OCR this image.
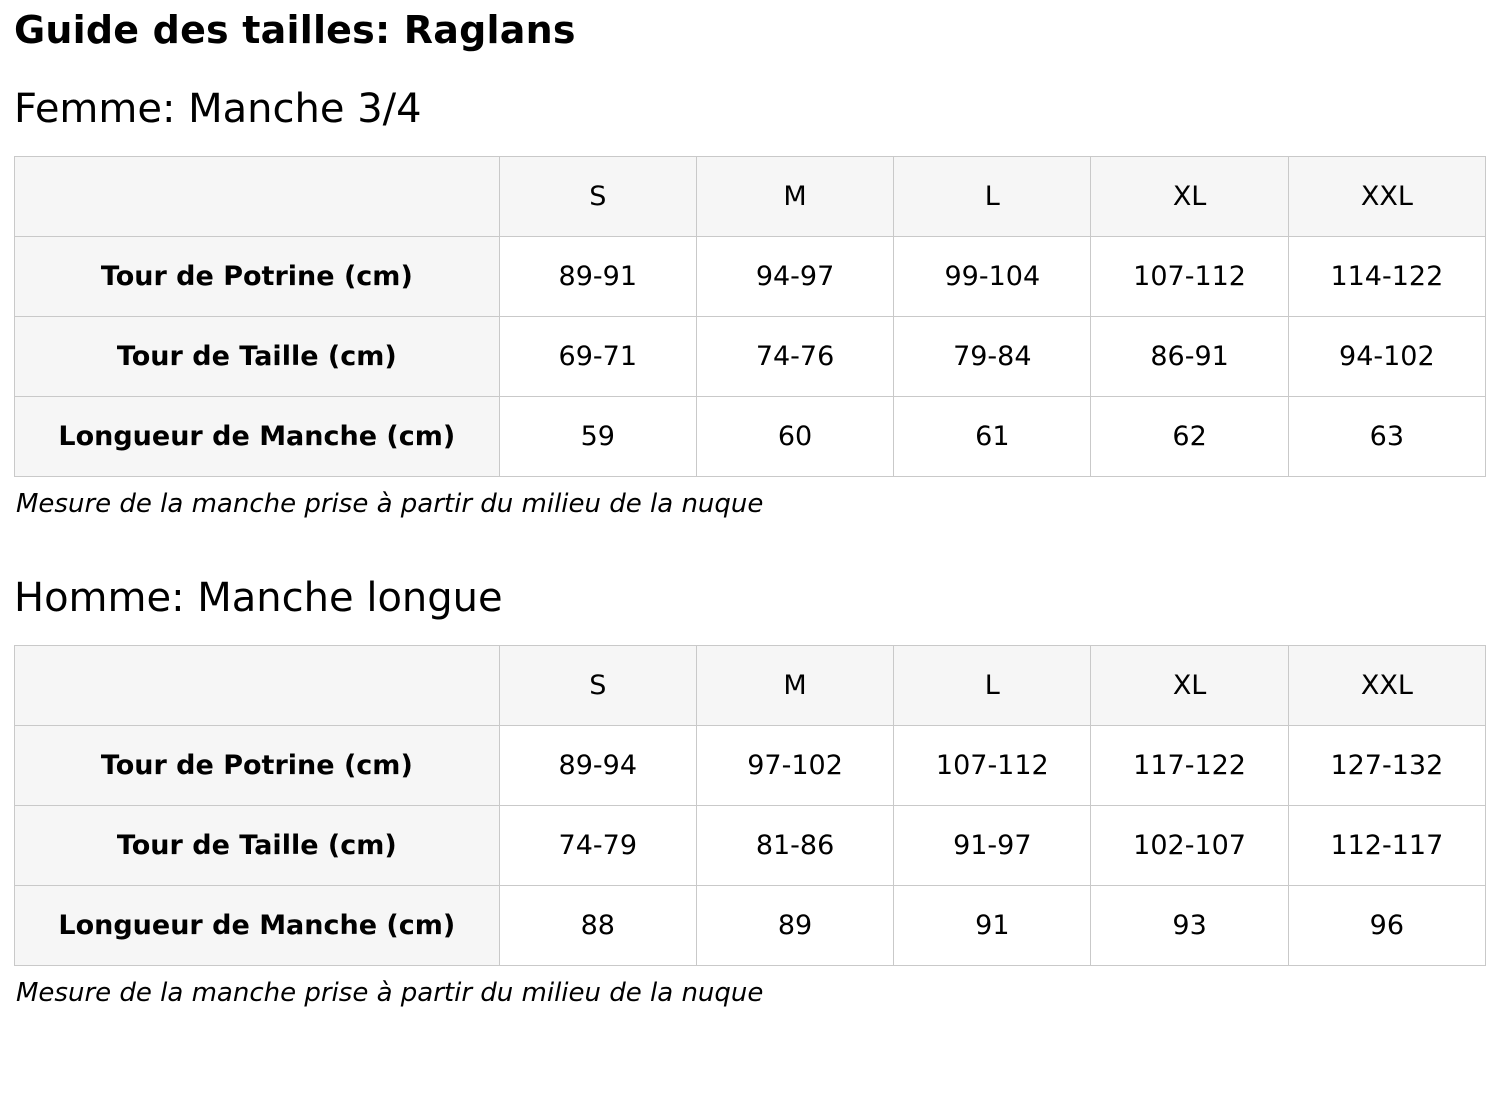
Guide des tailles: Raglans
Femme: Manche 3/4
	S	M	L	XL	XXL
Tour de Potrine (cm)	89-91	94-97	99-104	107-112	114-122
Tour de Taille (cm)	69-71	74-76	79-84	86-91	94-102
Longueur de Manche (cm)	59	60	61	62	63

Mesure de la manche prise à partir du milieu de la nuque

Homme: Manche longue
	S	M	L	XL	XXL
Tour de Potrine (cm)	89-94	97-102	107-112	117-122	127-132
Tour de Taille (cm)	74-79	81-86	91-97	102-107	112-117
Longueur de Manche (cm)	88	89	91	93	96

Mesure de la manche prise à partir du milieu de la nuque
